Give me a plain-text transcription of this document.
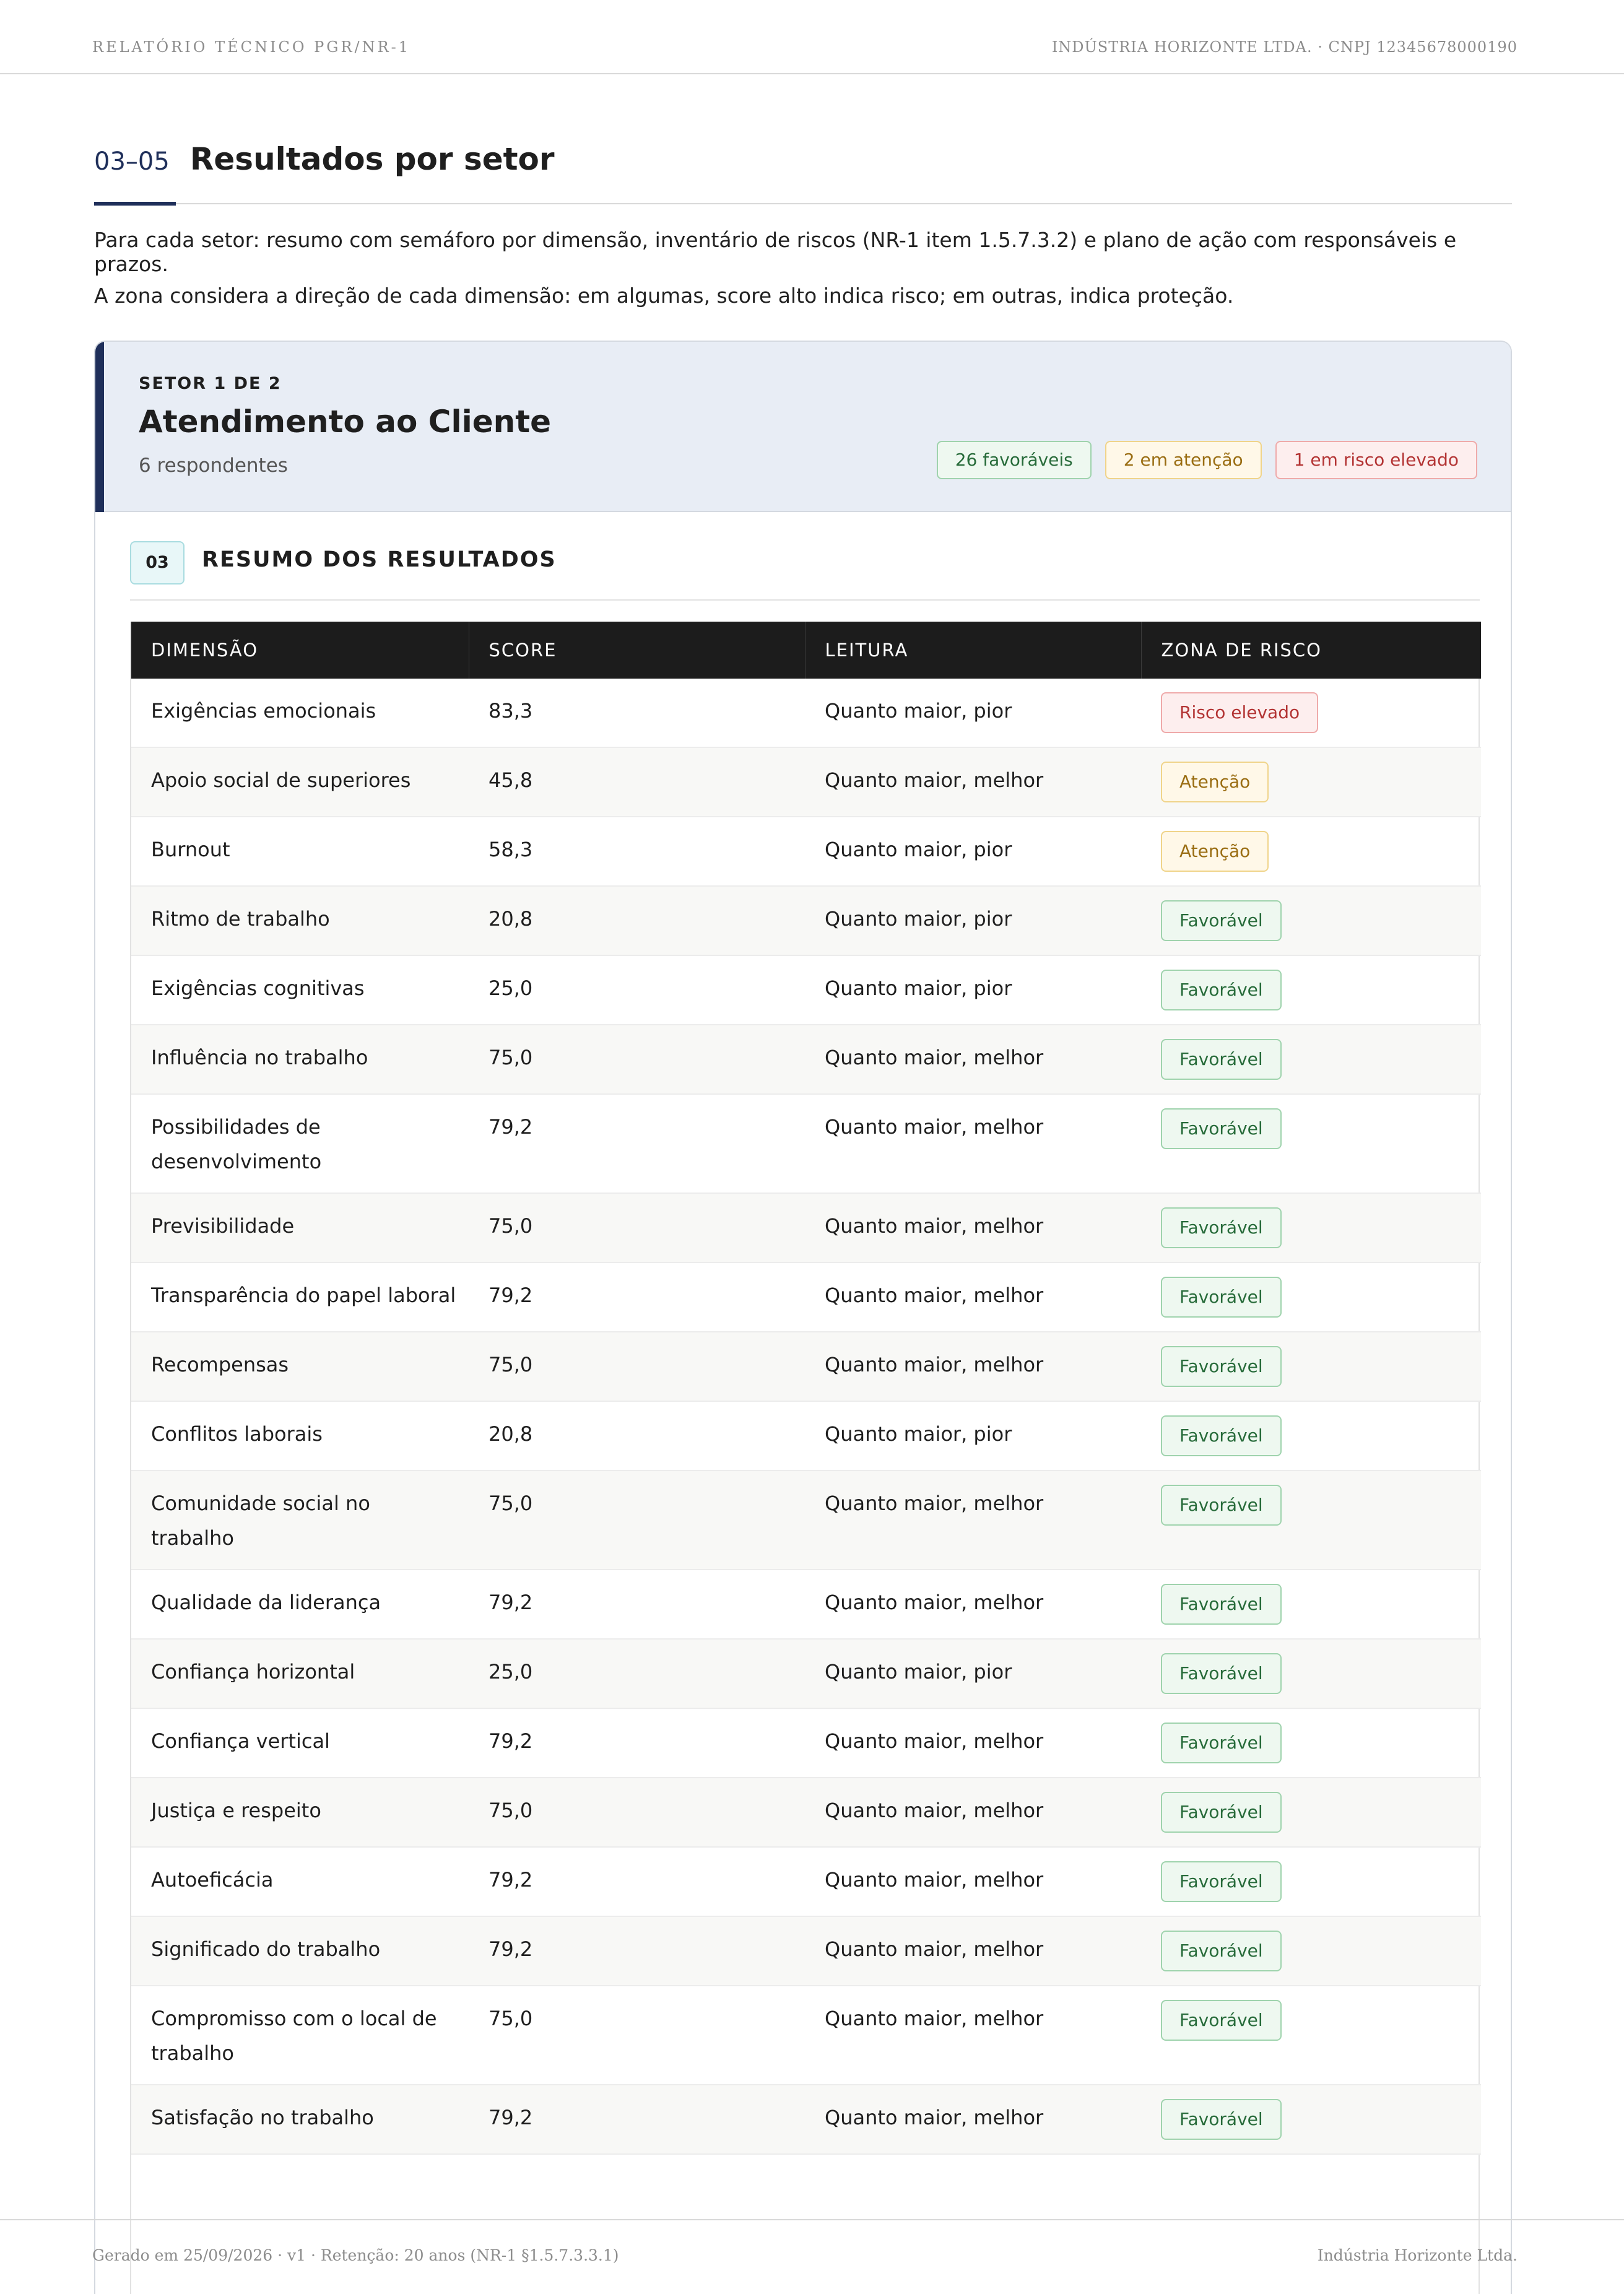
RELATÓRIO TÉCNICO PGR/NR-1	INDÚSTRIA HORIZONTE LTDA. · CNPJ 12345678000190
03–05 Resultados por setor
Para cada setor: resumo com semáforo por dimensão, inventário de riscos (NR-1 item 1.5.7.3.2) e plano de ação com responsáveis e prazos.
A zona considera a direção de cada dimensão: em algumas, score alto indica risco; em outras, indica proteção.
SETOR 1 DE 2
Atendimento ao Cliente
6 respondentes	26 favoráveis	2 em atenção	1 em risco elevado
03	RESUMO DOS RESULTADOS
DIMENSÃO	SCORE	LEITURA	ZONA DE RISCO
Exigências emocionais	83,3	Quanto maior, pior	Risco elevado
Apoio social de superiores	45,8	Quanto maior, melhor	Atenção
Burnout	58,3	Quanto maior, pior	Atenção
Ritmo de trabalho	20,8	Quanto maior, pior	Favorável
Exigências cognitivas	25,0	Quanto maior, pior	Favorável
Influência no trabalho	75,0	Quanto maior, melhor	Favorável
Possibilidades de desenvolvimento	79,2	Quanto maior, melhor	Favorável
Previsibilidade	75,0	Quanto maior, melhor	Favorável
Transparência do papel laboral	79,2	Quanto maior, melhor	Favorável
Recompensas	75,0	Quanto maior, melhor	Favorável
Conflitos laborais	20,8	Quanto maior, pior	Favorável
Comunidade social no trabalho	75,0	Quanto maior, melhor	Favorável
Qualidade da liderança	79,2	Quanto maior, melhor	Favorável
Confiança horizontal	25,0	Quanto maior, pior	Favorável
Confiança vertical	79,2	Quanto maior, melhor	Favorável
Justiça e respeito	75,0	Quanto maior, melhor	Favorável
Autoeficácia	79,2	Quanto maior, melhor	Favorável
Significado do trabalho	79,2	Quanto maior, melhor	Favorável
Compromisso com o local de trabalho	75,0	Quanto maior, melhor	Favorável
Satisfação no trabalho	79,2	Quanto maior, melhor	Favorável
Gerado em 25/09/2026 · v1 · Retenção: 20 anos (NR-1 §1.5.7.3.3.1)	Indústria Horizonte Ltda.
